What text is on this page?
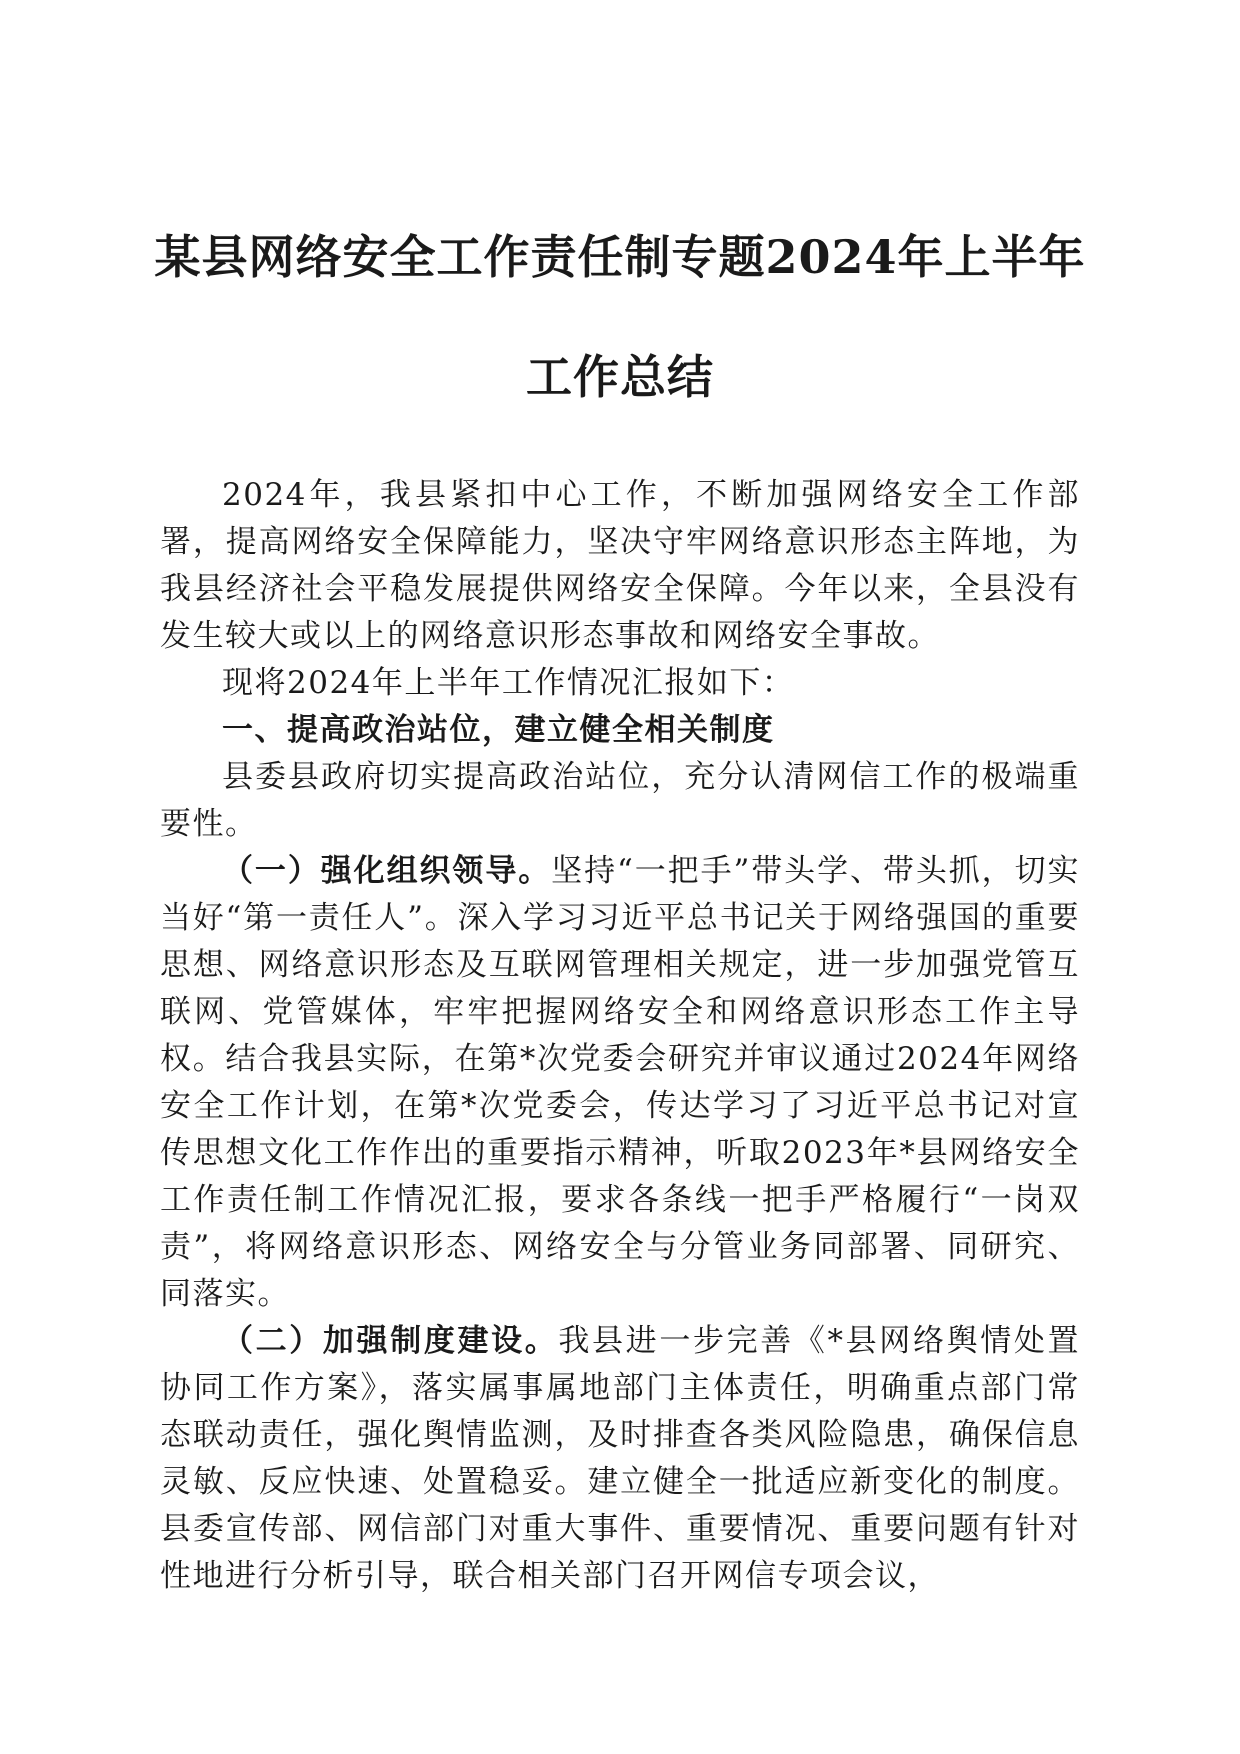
某县网络安全工作责任制专题2024年上半年
工作总结

2024年，我县紧扣中心工作，不断加强网络安全工作部署，提高网络安全保障能力，坚决守牢网络意识形态主阵地，为我县经济社会平稳发展提供网络安全保障。今年以来，全县没有发生较大或以上的网络意识形态事故和网络安全事故。

现将2024年上半年工作情况汇报如下：

一、提高政治站位，建立健全相关制度

县委县政府切实提高政治站位，充分认清网信工作的极端重要性。

（一）强化组织领导。坚持“一把手”带头学、带头抓，切实当好“第一责任人”。深入学习习近平总书记关于网络强国的重要思想、网络意识形态及互联网管理相关规定，进一步加强党管互联网、党管媒体，牢牢把握网络安全和网络意识形态工作主导权。结合我县实际，在第*次党委会研究并审议通过2024年网络安全工作计划，在第*次党委会，传达学习了习近平总书记对宣传思想文化工作作出的重要指示精神，听取2023年*县网络安全工作责任制工作情况汇报，要求各条线一把手严格履行“一岗双责”，将网络意识形态、网络安全与分管业务同部署、同研究、同落实。

（二）加强制度建设。我县进一步完善《*县网络舆情处置协同工作方案》，落实属事属地部门主体责任，明确重点部门常态联动责任，强化舆情监测，及时排查各类风险隐患，确保信息灵敏、反应快速、处置稳妥。建立健全一批适应新变化的制度。县委宣传部、网信部门对重大事件、重要情况、重要问题有针对性地进行分析引导，联合相关部门召开网信专项会议，
